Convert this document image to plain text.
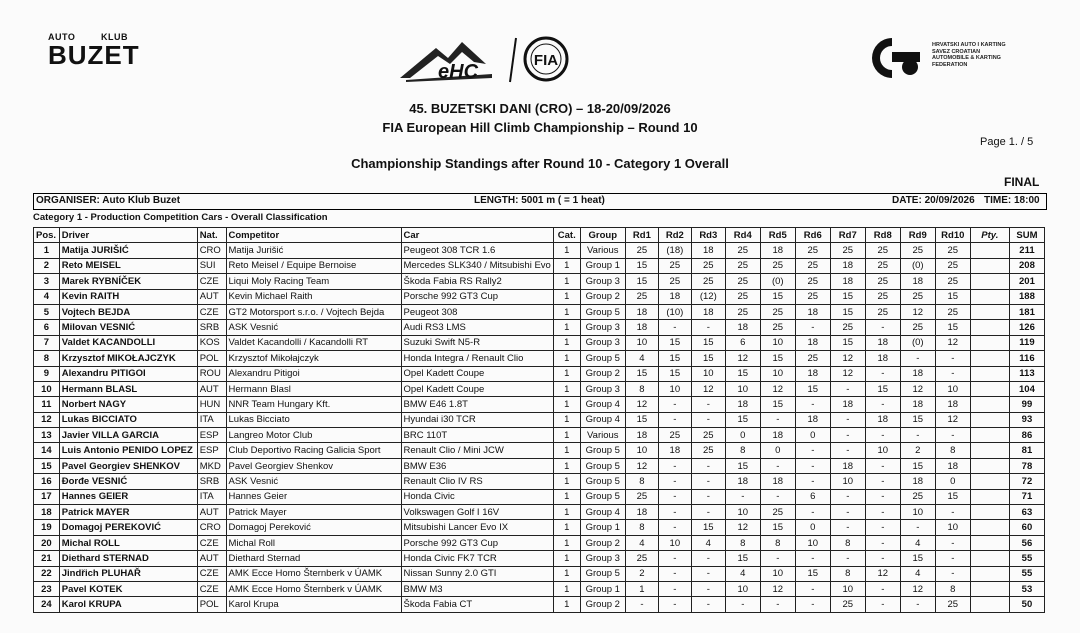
AUTO	KLUB
BUZET
eHC
FIA
HRVATSKI AUTO I KARTING SAVEZ CROATIAN AUTOMOBILE & KARTING FEDERATION
45. BUZETSKI DANI (CRO) – 18-20/09/2026
FIA European Hill Climb Championship – Round 10
Championship Standings after Round 10 - Category 1 Overall
Page 1. / 5
FINAL
ORGANISER: Auto Klub Buzet	LENGTH: 5001 m ( = 1 heat)	DATE: 20/09/2026 TIME: 18:00
Category 1 - Production Competition Cars - Overall Classification
Pos.	Driver	Nat.	Competitor	Car	Cat.	Group	Rd1	Rd2	Rd3	Rd4	Rd5	Rd6	Rd7	Rd8	Rd9	Rd10	Pty.	SUM
1	Matija JURIŠIĆ	CRO	Matija Jurišić	Peugeot 308 TCR 1.6	1	Various	25	(18)	18	25	18	25	25	25	25	25		211
2	Reto MEISEL	SUI	Reto Meisel / Equipe Bernoise	Mercedes SLK340 / Mitsubishi Evo	1	Group 1	15	25	25	25	25	25	18	25	(0)	25		208
3	Marek RYBNÍČEK	CZE	Liqui Moly Racing Team	Škoda Fabia RS Rally2	1	Group 3	15	25	25	25	(0)	25	18	25	18	25		201
4	Kevin RAITH	AUT	Kevin Michael Raith	Porsche 992 GT3 Cup	1	Group 2	25	18	(12)	25	15	25	15	25	25	15		188
5	Vojtech BEJDA	CZE	GT2 Motorsport s.r.o. / Vojtech Bejda	Peugeot 308	1	Group 5	18	(10)	18	25	25	18	15	25	12	25		181
6	Milovan VESNIĆ	SRB	ASK Vesnić	Audi RS3 LMS	1	Group 3	18	-	-	18	25	-	25	-	25	15		126
7	Valdet KACANDOLLI	KOS	Valdet Kacandolli / Kacandolli RT	Suzuki Swift N5-R	1	Group 3	10	15	15	6	10	18	15	18	(0)	12		119
8	Krzysztof MIKOŁAJCZYK	POL	Krzysztof Mikołajczyk	Honda Integra / Renault Clio	1	Group 5	4	15	15	12	15	25	12	18	-	-		116
9	Alexandru PITIGOI	ROU	Alexandru Pitigoi	Opel Kadett Coupe	1	Group 2	15	15	10	15	10	18	12	-	18	-		113
10	Hermann BLASL	AUT	Hermann Blasl	Opel Kadett Coupe	1	Group 3	8	10	12	10	12	15	-	15	12	10		104
11	Norbert NAGY	HUN	NNR Team Hungary Kft.	BMW E46 1.8T	1	Group 4	12	-	-	18	15	-	18	-	18	18		99
12	Lukas BICCIATO	ITA	Lukas Bicciato	Hyundai i30 TCR	1	Group 4	15	-	-	15	-	18	-	18	15	12		93
13	Javier VILLA GARCIA	ESP	Langreo Motor Club	BRC 110T	1	Various	18	25	25	0	18	0	-	-	-	-		86
14	Luis Antonio PENIDO LOPEZ	ESP	Club Deportivo Racing Galicia Sport	Renault Clio / Mini JCW	1	Group 5	10	18	25	8	0	-	-	10	2	8		81
15	Pavel Georgiev SHENKOV	MKD	Pavel Georgiev Shenkov	BMW E36	1	Group 5	12	-	-	15	-	-	18	-	15	18		78
16	Đorđe VESNIĆ	SRB	ASK Vesnić	Renault Clio IV RS	1	Group 5	8	-	-	18	18	-	10	-	18	0		72
17	Hannes GEIER	ITA	Hannes Geier	Honda Civic	1	Group 5	25	-	-	-	-	6	-	-	25	15		71
18	Patrick MAYER	AUT	Patrick Mayer	Volkswagen Golf I 16V	1	Group 4	18	-	-	10	25	-	-	-	10	-		63
19	Domagoj PEREKOVIĆ	CRO	Domagoj Pereković	Mitsubishi Lancer Evo IX	1	Group 1	8	-	15	12	15	0	-	-	-	10		60
20	Michal ROLL	CZE	Michal Roll	Porsche 992 GT3 Cup	1	Group 2	4	10	4	8	8	10	8	-	4	-		56
21	Diethard STERNAD	AUT	Diethard Sternad	Honda Civic FK7 TCR	1	Group 3	25	-	-	15	-	-	-	-	15	-		55
22	Jindřich PLUHAŘ	CZE	AMK Ecce Homo Šternberk v ÚAMK	Nissan Sunny 2.0 GTI	1	Group 5	2	-	-	4	10	15	8	12	4	-		55
23	Pavel KOTEK	CZE	AMK Ecce Homo Šternberk v ÚAMK	BMW M3	1	Group 1	1	-	-	10	12	-	10	-	12	8		53
24	Karol KRUPA	POL	Karol Krupa	Škoda Fabia CT	1	Group 2	-	-	-	-	-	-	25	-	-	25		50
